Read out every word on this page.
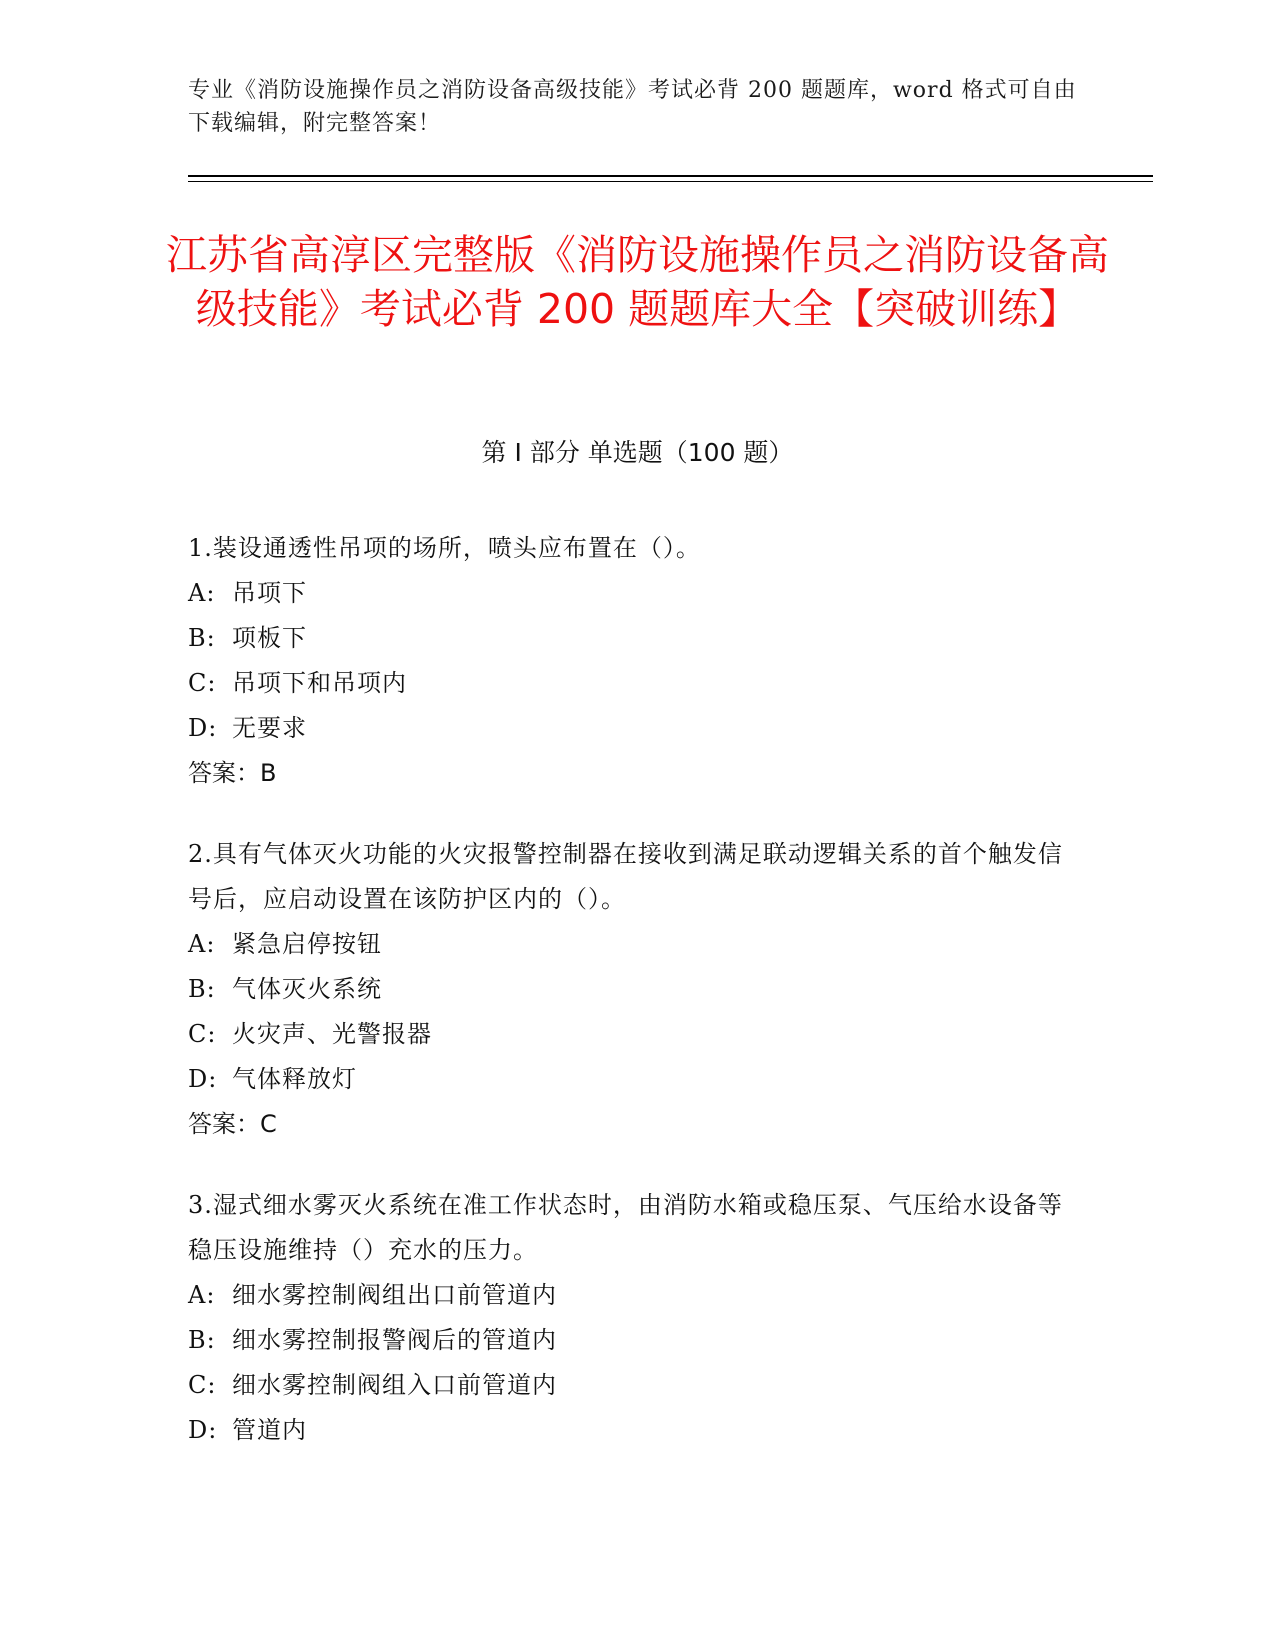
专业《消防设施操作员之消防设备高级技能》考试必背 200 题题库，word 格式可自由下载编辑，附完整答案！
江苏省高淳区完整版《消防设施操作员之消防设备高级技能》考试必背 200 题题库大全【突破训练】
第 I 部分 单选题（100 题）

1.装设通透性吊项的场所，喷头应布置在（）。

A: 吊项下

B: 项板下

C: 吊项下和吊项内

D: 无要求

答案：B

2.具有气体灭火功能的火灾报警控制器在接收到满足联动逻辑关系的首个触发信号后，应启动设置在该防护区内的（）。

A: 紧急启停按钮

B: 气体灭火系统

C: 火灾声、光警报器

D: 气体释放灯

答案：C

3.湿式细水雾灭火系统在准工作状态时，由消防水箱或稳压泵、气压给水设备等稳压设施维持（）充水的压力。

A: 细水雾控制阀组出口前管道内

B: 细水雾控制报警阀后的管道内

C: 细水雾控制阀组入口前管道内

D: 管道内
